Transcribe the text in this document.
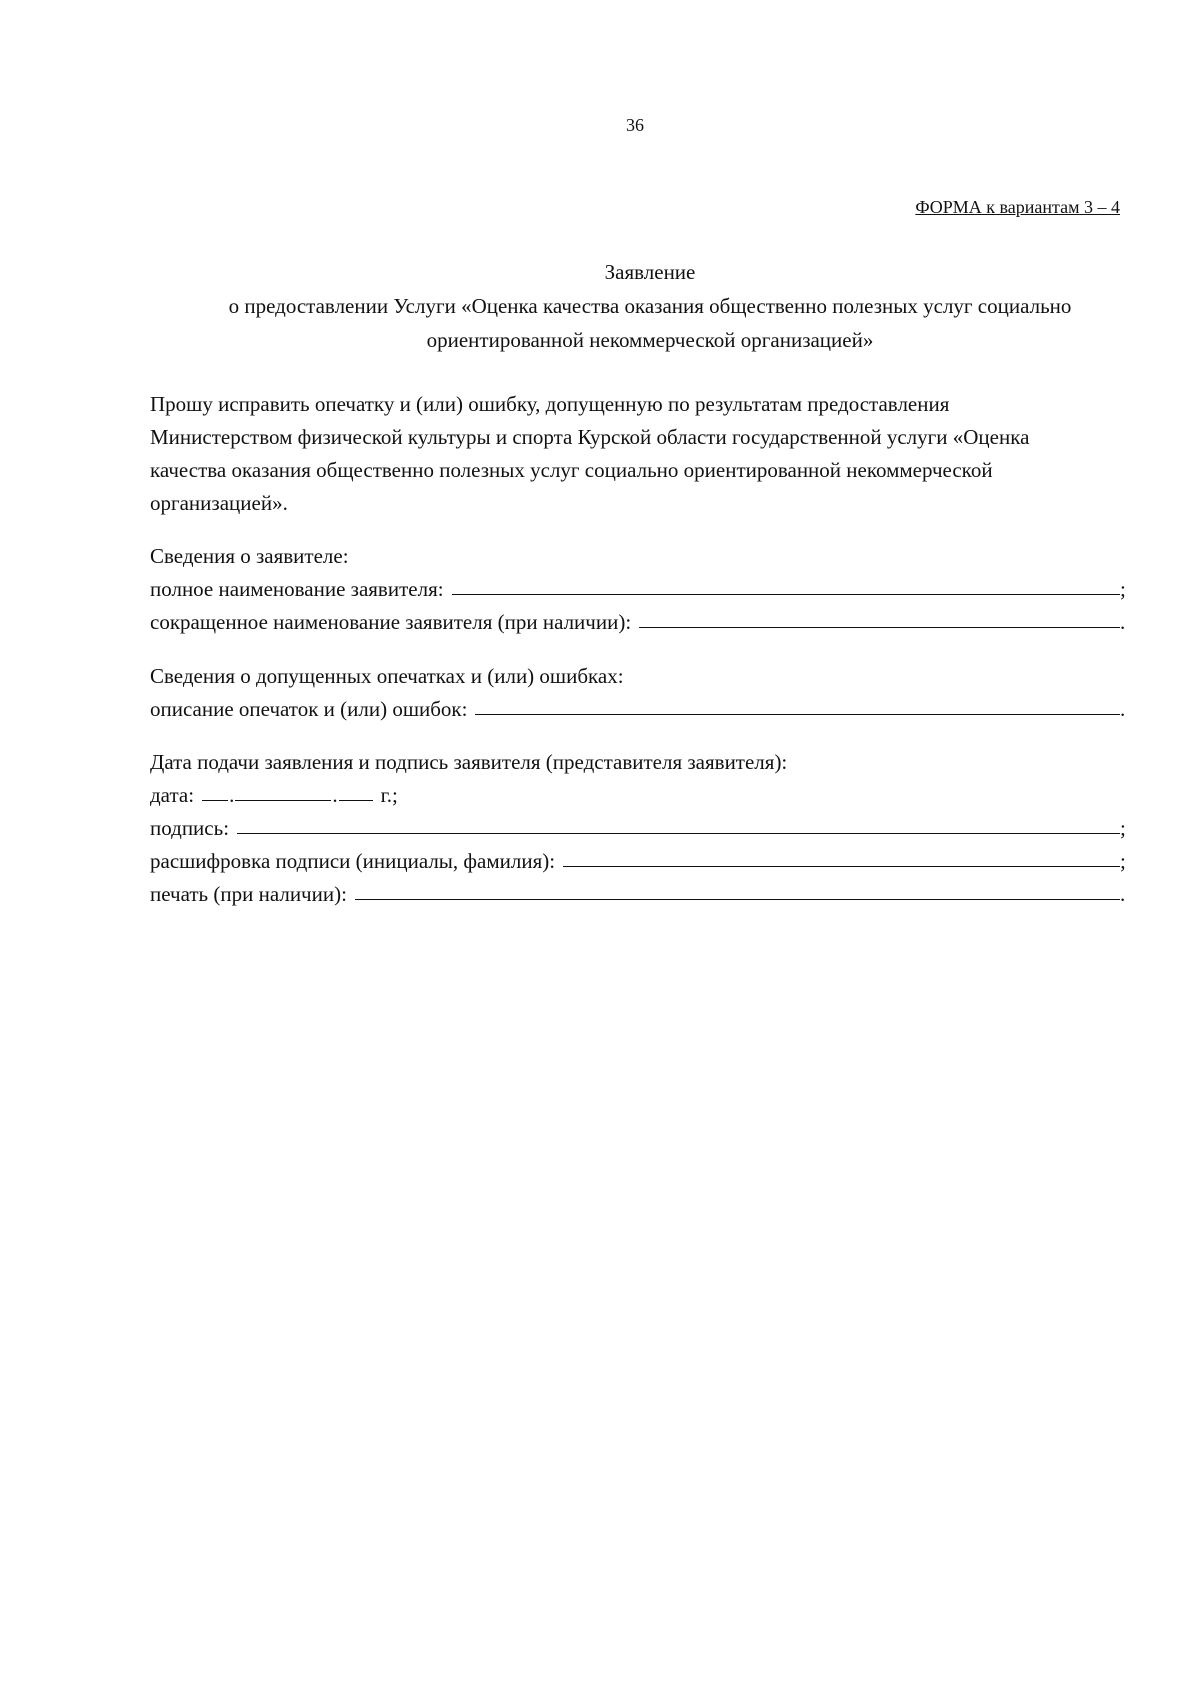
36
ФОРМА к вариантам 3 – 4
Заявление
о предоставлении Услуги «Оценка качества оказания общественно полезных услуг социально
ориентированной некоммерческой организацией»
Прошу исправить опечатку и (или) ошибку, допущенную по результатам предоставления
Министерством физической культуры и спорта Курской области государственной услуги «Оценка
качества оказания общественно полезных услуг социально ориентированной некоммерческой
организацией».
Сведения о заявителе:
полное наименование заявителя:	;
сокращенное наименование заявителя (при наличии):	.
Сведения о допущенных опечатках и (или) ошибках:
описание опечаток и (или) ошибок:	.
Дата подачи заявления и подпись заявителя (представителя заявителя):
дата:	.	.	г.;
подпись:	;
расшифровка подписи (инициалы, фамилия):	;
печать (при наличии):	.
